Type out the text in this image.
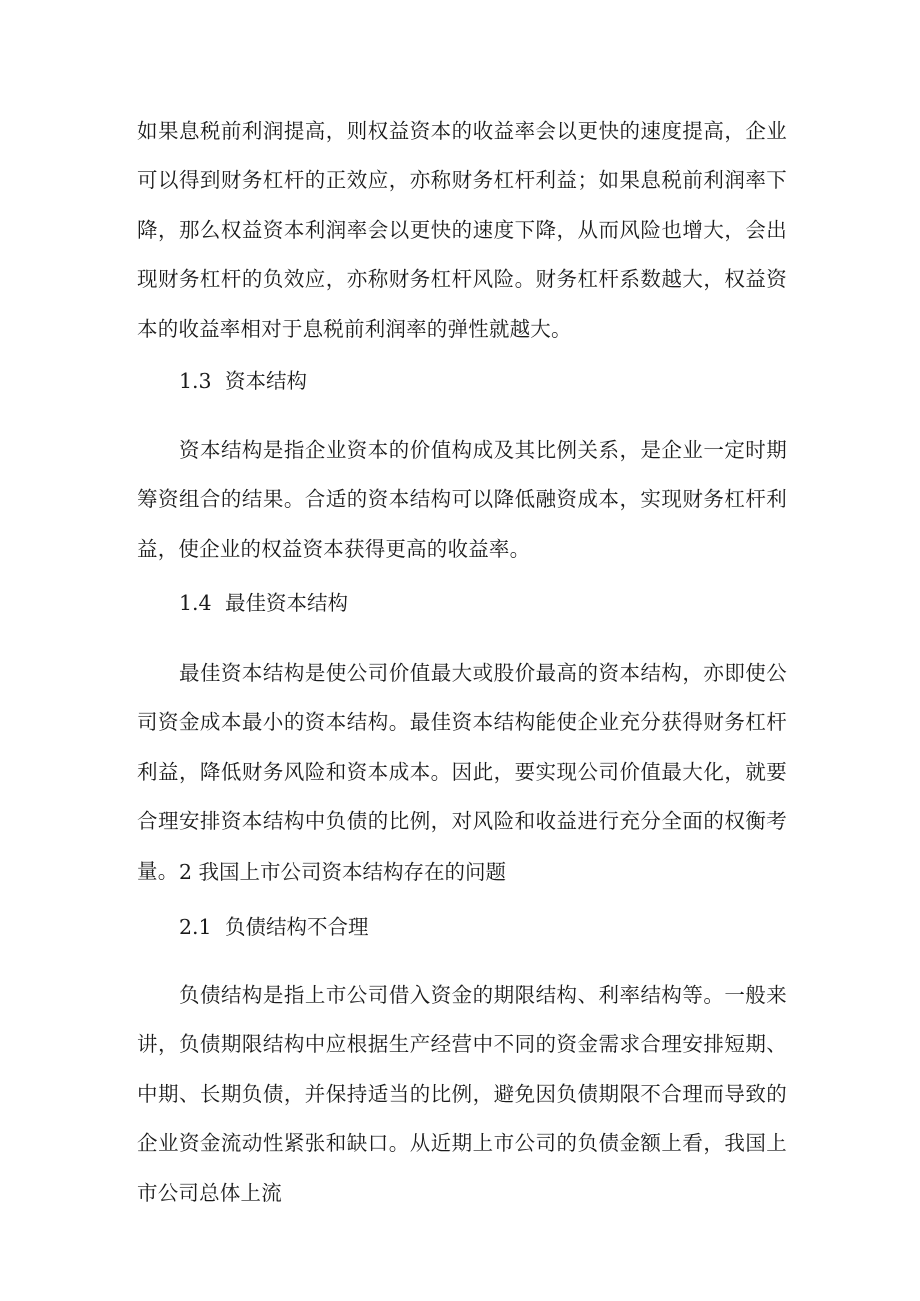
如果息税前利润提高，则权益资本的收益率会以更快的速度提高，企业可以得到财务杠杆的正效应，亦称财务杠杆利益；如果息税前利润率下降，那么权益资本利润率会以更快的速度下降，从而风险也增大，会出现财务杠杆的负效应，亦称财务杠杆风险。财务杠杆系数越大，权益资本的收益率相对于息税前利润率的弹性就越大。

1.3 资本结构

资本结构是指企业资本的价值构成及其比例关系，是企业一定时期筹资组合的结果。合适的资本结构可以降低融资成本，实现财务杠杆利益，使企业的权益资本获得更高的收益率。

1.4 最佳资本结构

最佳资本结构是使公司价值最大或股价最高的资本结构，亦即使公司资金成本最小的资本结构。最佳资本结构能使企业充分获得财务杠杆利益，降低财务风险和资本成本。因此，要实现公司价值最大化，就要合理安排资本结构中负债的比例，对风险和收益进行充分全面的权衡考量。 2 我国上市公司资本结构存在的问题
2.1 负债结构不合理

负债结构是指上市公司借入资金的期限结构、利率结构等。一般来讲，负债期限结构中应根据生产经营中不同的资金需求合理安排短期、中期、长期负债，并保持适当的比例，避免因负债期限不合理而导致的企业资金流动性紧张和缺口。从近期上市公司的负债金额上看，我国上市公司总体上流
